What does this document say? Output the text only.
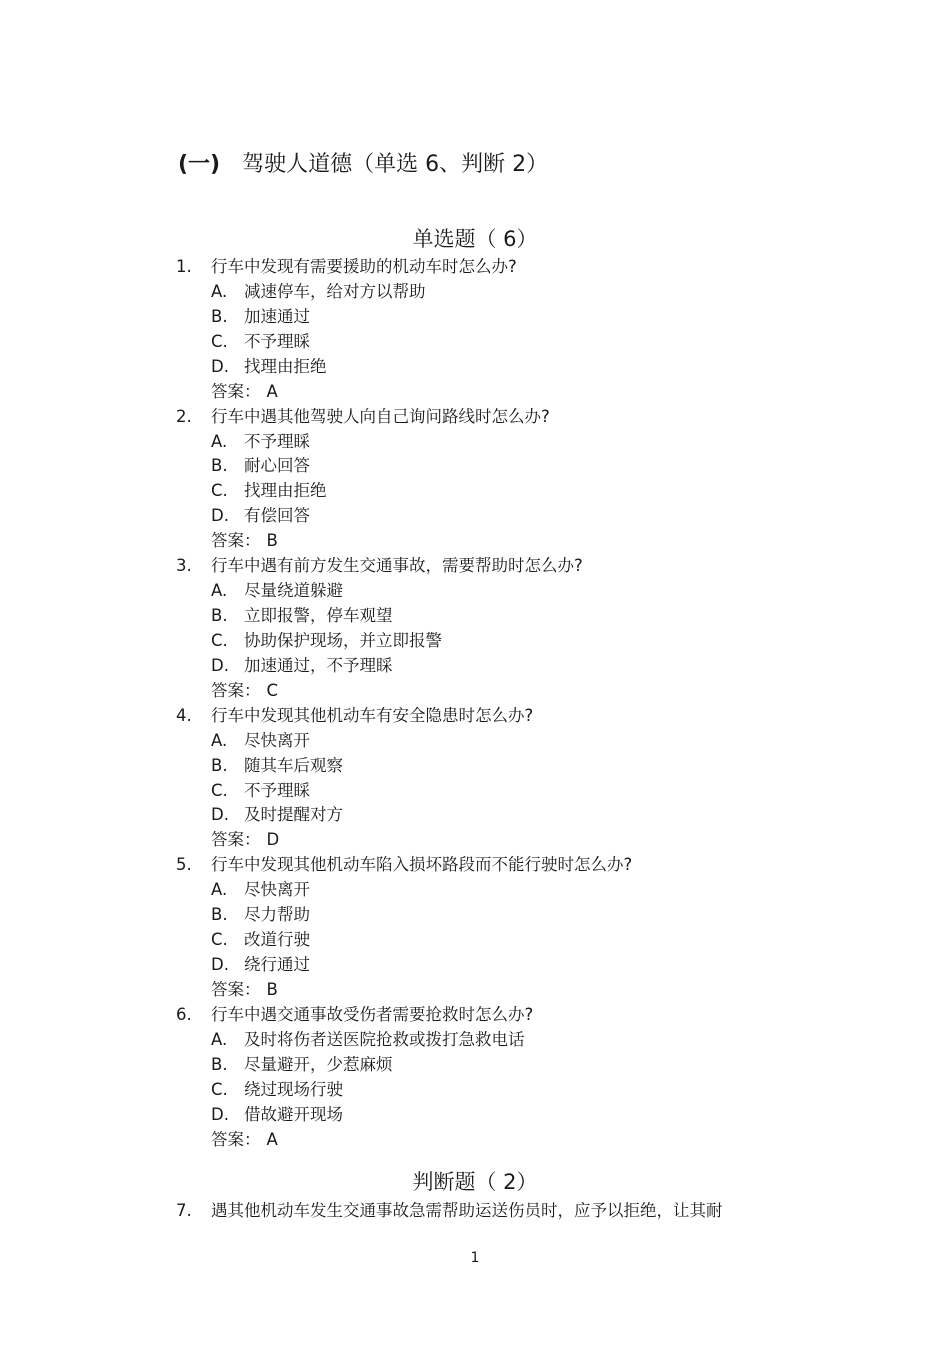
(一) 驾驶人道德（单选 6、判断 2）
单选题（ 6）
1. 行车中发现有需要援助的机动车时怎么办?
A. 减速停车，给对方以帮助
B. 加速通过
C. 不予理睬
D. 找理由拒绝
答案： A
2. 行车中遇其他驾驶人向自己询问路线时怎么办?
A. 不予理睬
B. 耐心回答
C. 找理由拒绝
D. 有偿回答
答案： B
3. 行车中遇有前方发生交通事故，需要帮助时怎么办?
A. 尽量绕道躲避
B. 立即报警，停车观望
C. 协助保护现场，并立即报警
D. 加速通过，不予理睬
答案： C
4. 行车中发现其他机动车有安全隐患时怎么办?
A. 尽快离开
B. 随其车后观察
C. 不予理睬
D. 及时提醒对方
答案： D
5. 行车中发现其他机动车陷入损坏路段而不能行驶时怎么办?
A. 尽快离开
B. 尽力帮助
C. 改道行驶
D. 绕行通过
答案： B
6. 行车中遇交通事故受伤者需要抢救时怎么办?
A. 及时将伤者送医院抢救或拨打急救电话
B. 尽量避开，少惹麻烦
C. 绕过现场行驶
D. 借故避开现场
答案： A
判断题（ 2）
7. 遇其他机动车发生交通事故急需帮助运送伤员时，应予以拒绝，让其耐
1
